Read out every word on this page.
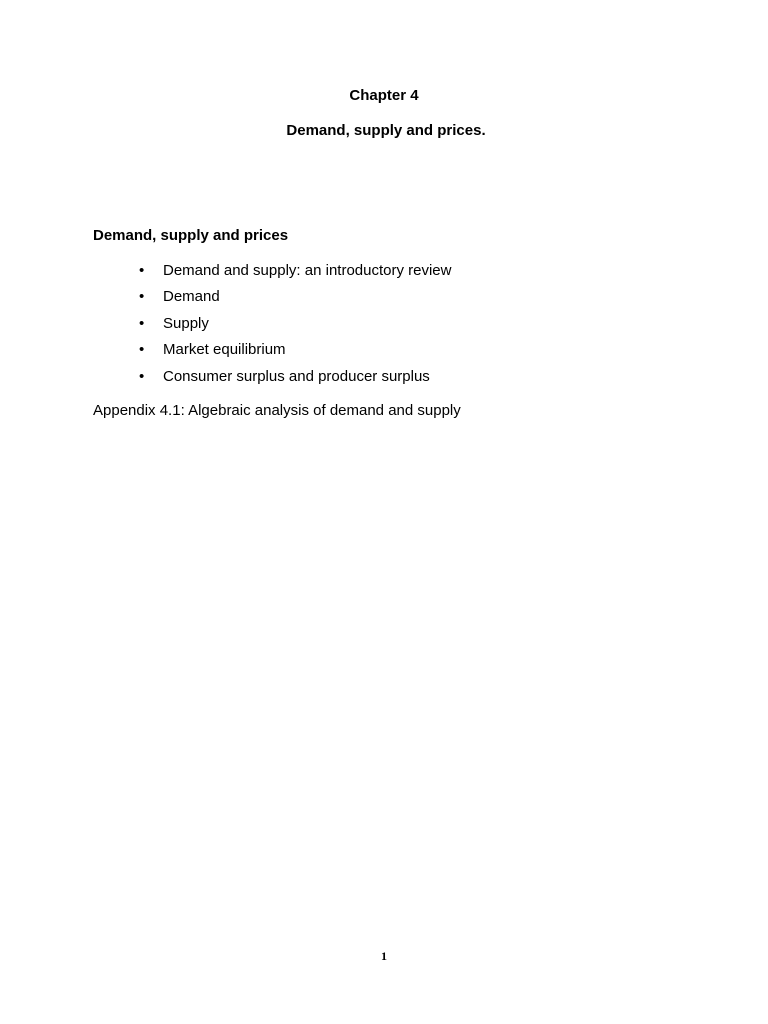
Chapter 4
Demand, supply and prices.
Demand, supply and prices
• Demand and supply: an introductory review
• Demand
• Supply
• Market equilibrium
• Consumer surplus and producer surplus
Appendix 4.1: Algebraic analysis of demand and supply
1
